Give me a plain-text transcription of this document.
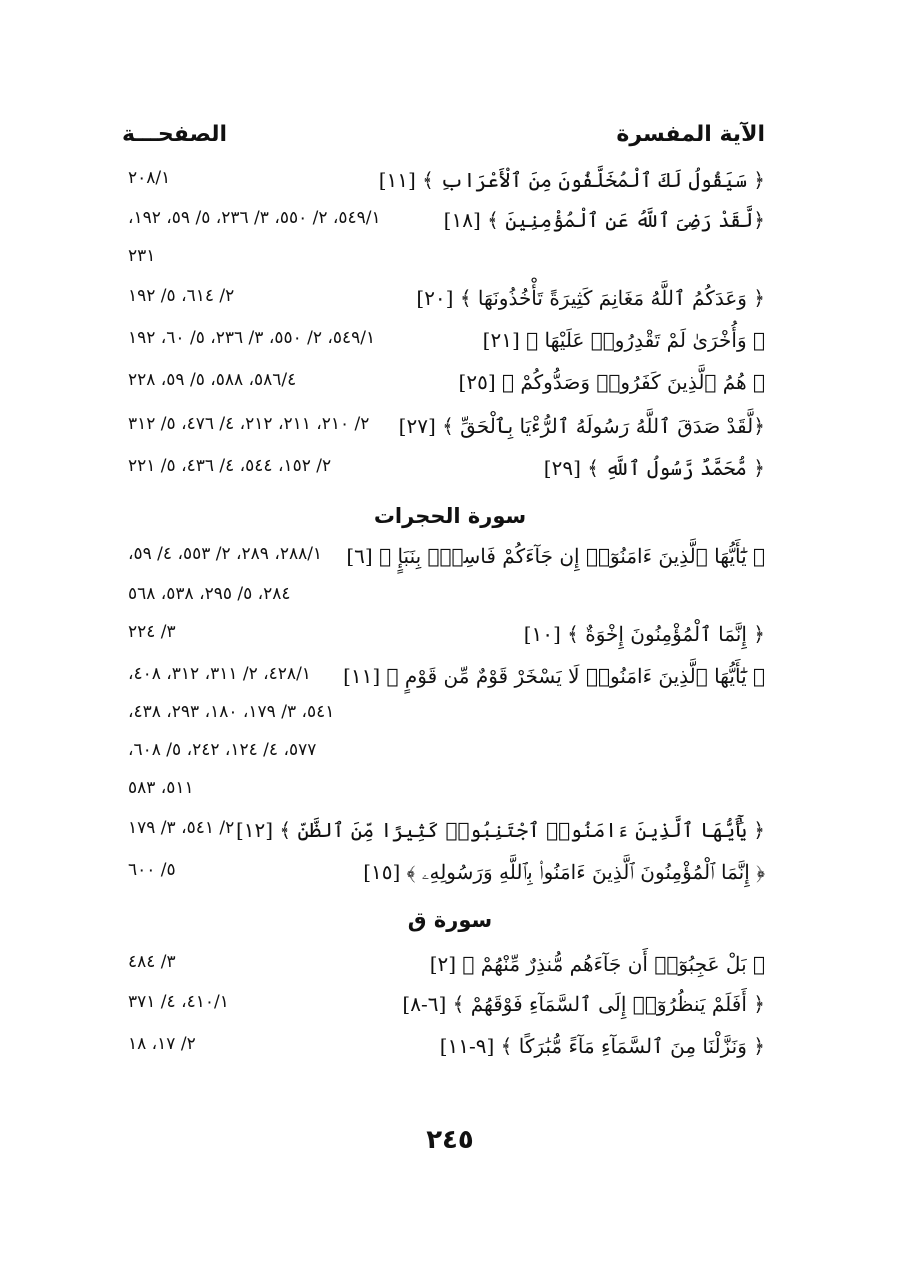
الآية المفسرة
الصفحـــة
﴿ سَيَقُولُ لَكَ ٱلْمُخَلَّفُونَ مِنَ ٱلْأَعْرَابِ ﴾ [١١]
٢٠٨/١
﴿لَّقَدْ رَضِىَ ٱللَّهُ عَنِ ٱلْمُؤْمِنِينَ ﴾ [١٨]
٥٤٩/١، ٢/ ٥٥٠، ٣/ ٢٣٦، ٥/ ٥٩، ١٩٢،
٢٣١
﴿ وَعَدَكُمُ ٱللَّهُ مَغَانِمَ كَثِيرَةً تَأْخُذُونَهَا ﴾ [٢٠]
٢/ ٦١٤، ٥/ ١٩٢
﴿ وَأُخْرَىٰ لَمْ تَقْدِرُوا۟ عَلَيْهَا ﴾ [٢١]
٥٤٩/١، ٢/ ٥٥٠، ٣/ ٢٣٦، ٥/ ٦٠، ١٩٢
﴿ هُمُ ٱلَّذِينَ كَفَرُوا۟ وَصَدُّوكُمْ ﴾ [٢٥]
٥٨٦/٤، ٥٨٨، ٥/ ٥٩، ٢٢٨
﴿لَّقَدْ صَدَقَ ٱللَّهُ رَسُولَهُ ٱلرُّءْيَا بِٱلْحَقِّ ﴾ [٢٧]
٢/ ٢١٠، ٢١١، ٢١٢، ٤/ ٤٧٦، ٥/ ٣١٢
﴿ مُّحَمَّدٌ رَّسُولُ ٱللَّهِ ﴾ [٢٩]
٢/ ١٥٢، ٥٤٤، ٤/ ٤٣٦، ٥/ ٢٢١
سورة الحجرات
﴿ يَٰٓأَيُّهَا ٱلَّذِينَ ءَامَنُوٓا۟ إِن جَآءَكُمْ فَاسِقٌۢ بِنَبَإٍ ﴾ [٦]
٢٨٨/١، ٢٨٩، ٢/ ٥٥٣، ٤/ ٥٩،
٢٨٤، ٥/ ٢٩٥، ٥٣٨، ٥٦٨
﴿ إِنَّمَا ٱلْمُؤْمِنُونَ إِخْوَةٌ ﴾ [١٠]
٣/ ٢٢٤
﴿ يَٰٓأَيُّهَا ٱلَّذِينَ ءَامَنُوا۟ لَا يَسْخَرْ قَوْمٌ مِّن قَوْمٍ ﴾ [١١]
٤٢٨/١، ٢/ ٣١١، ٣١٢، ٤٠٨،
٥٤١، ٣/ ١٧٩، ١٨٠، ٢٩٣، ٤٣٨،
٥٧٧، ٤/ ١٢٤، ٢٤٢، ٥/ ٦٠٨،
٥١١، ٥٨٣
﴿ يَٰٓأَيُّهَا ٱلَّذِينَ ءَامَنُوا۟ ٱجْتَنِبُوا۟ كَثِيرًا مِّنَ ٱلظَّنِّ ﴾ [١٢]
٢/ ٥٤١، ٣/ ١٧٩
﴿ إِنَّمَا ٱلْمُؤْمِنُونَ ٱلَّذِينَ ءَامَنُوا۟ بِٱللَّهِ وَرَسُولِهِۦ ﴾ [١٥]
٥/ ٦٠٠
سورة ق
﴿ بَلْ عَجِبُوٓا۟ أَن جَآءَهُم مُّنذِرٌ مِّنْهُمْ ﴾ [٢]
٣/ ٤٨٤
﴿ أَفَلَمْ يَنظُرُوٓا۟ إِلَى ٱلسَّمَآءِ فَوْقَهُمْ ﴾ [٦-٨]
٤١٠/١، ٤/ ٣٧١
﴿ وَنَزَّلْنَا مِنَ ٱلسَّمَآءِ مَآءً مُّبَٰرَكًا ﴾ [٩-١١]
٢/ ١٧، ١٨
٢٤٥
